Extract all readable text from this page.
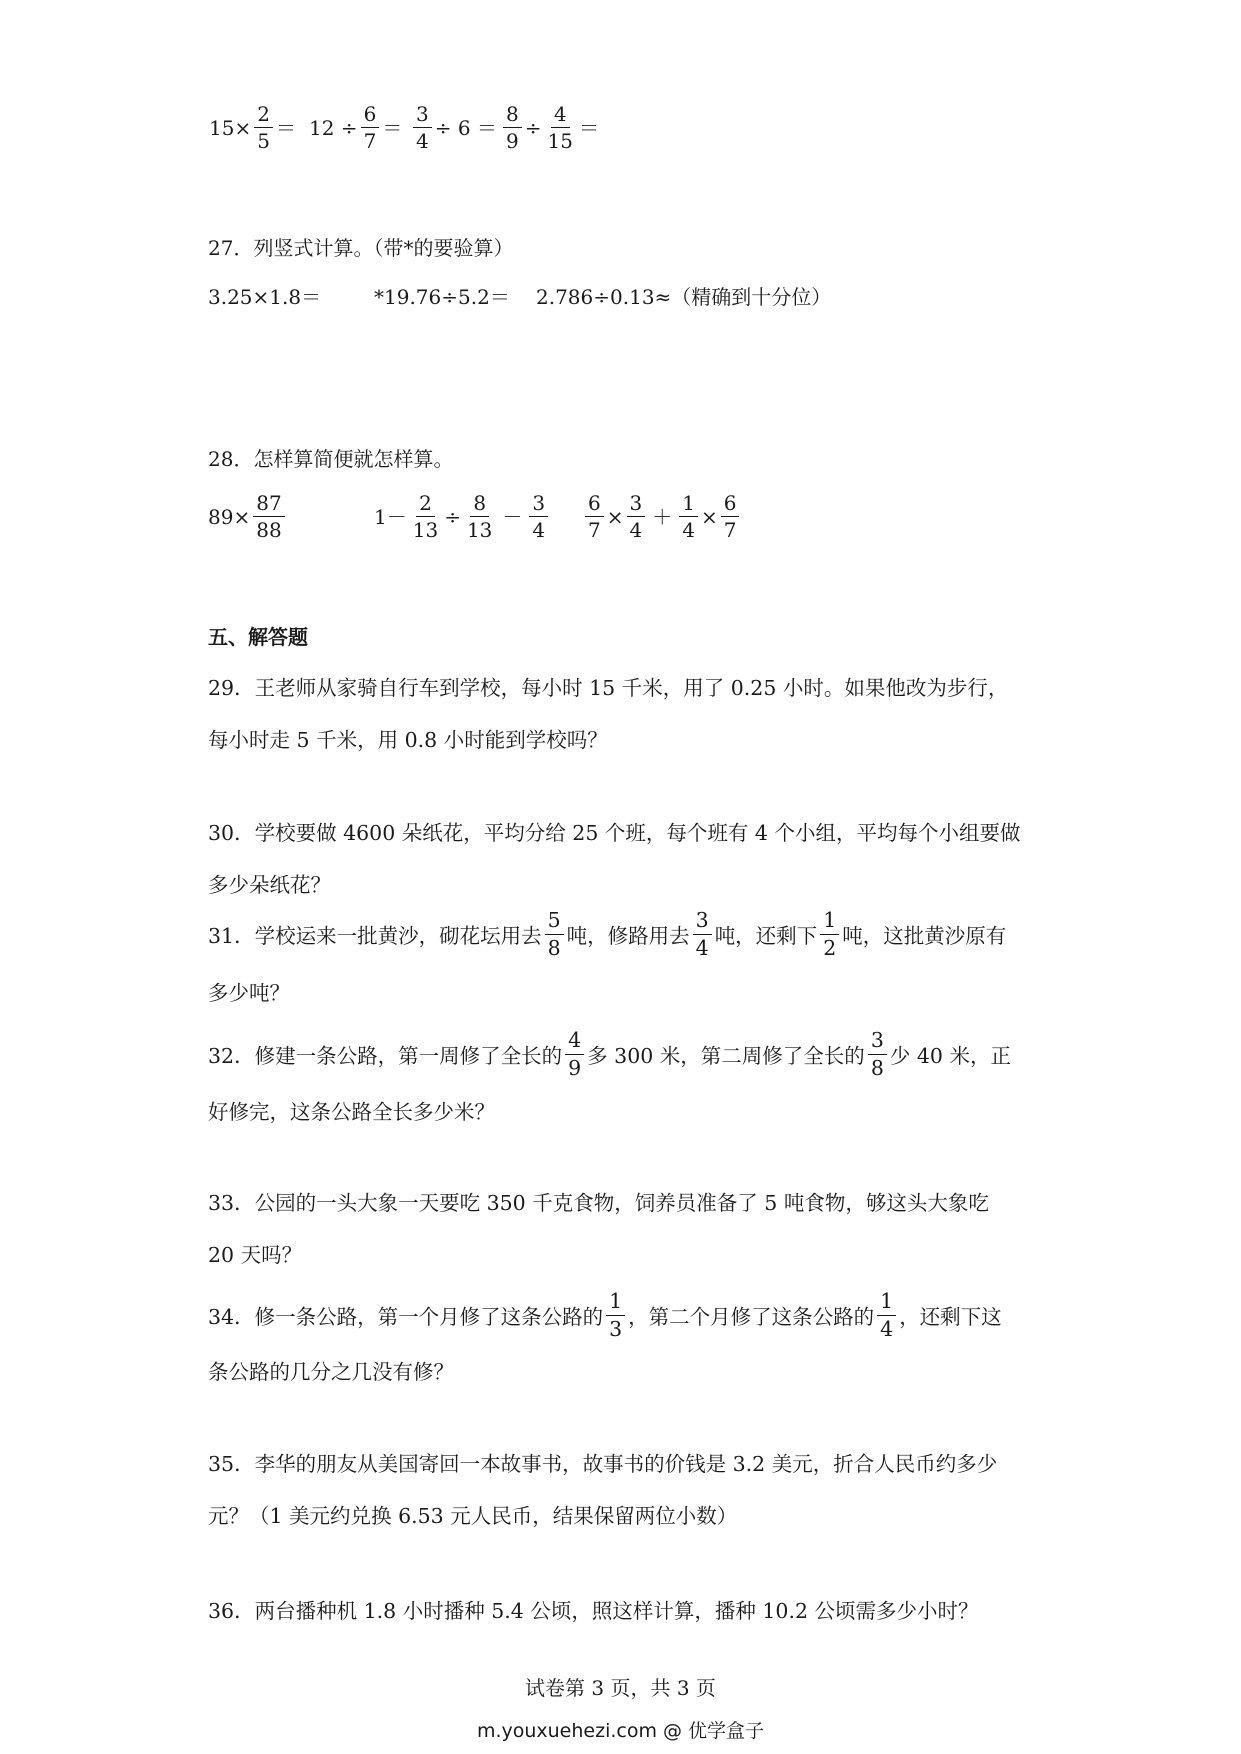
$15\times \frac{2}{5} = 12 \div \frac{6}{7} = \frac{3}{4} \div 6 = \frac{8}{9} \div \frac{4}{15}$ ＝
27．列竖式计算。（带*的要验算）
3.25×1.8＝	*19.76÷5.2＝ 2.786÷0.13≈（精确到十分位）
28．怎样算简便就怎样算。
$89\times \frac{87}{88}$	$1- \frac{2}{13} \div \frac{8}{13} - \frac{3}{4} \frac{6}{7} \times \frac{3}{4} + \frac{1}{4} \times \frac{6}{7}$
五、解答题
29．王老师从家骑自行车到学校，每小时 15 千米，用了 0.25 小时。如果他改为步行，
每小时走 5 千米，用 0.8 小时能到学校吗？
30．学校要做 4600 朵纸花，平均分给 25 个班，每个班有 4 个小组，平均每个小组要做
多少朵纸花？
31．学校运来一批黄沙，砌花坛用去 $\frac{5}{8}$ 吨，修路用去 $\frac{3}{4}$ 吨，还剩下 $\frac{1}{2}$ 吨，这批黄沙原有
多少吨？
32．修建一条公路，第一周修了全长的 $\frac{4}{9}$ 多 300 米，第二周修了全长的 $\frac{3}{8}$ 少 40 米，正
好修完，这条公路全长多少米？
33．公园的一头大象一天要吃 350 千克食物，饲养员准备了 5 吨食物，够这头大象吃
20 天吗？
34．修一条公路，第一个月修了这条公路的 $\frac{1}{3}$ ，第二个月修了这条公路的 $\frac{1}{4}$ ，还剩下这
条公路的几分之几没有修？
35．李华的朋友从美国寄回一本故事书，故事书的价钱是 3.2 美元，折合人民币约多少
元？（1 美元约兑换 6.53 元人民币，结果保留两位小数）
36．两台播种机 1.8 小时播种 5.4 公顷，照这样计算，播种 10.2 公顷需多少小时？
试卷第 3 页，共 3 页
m.youxuehezi.com @ 优学盒子
